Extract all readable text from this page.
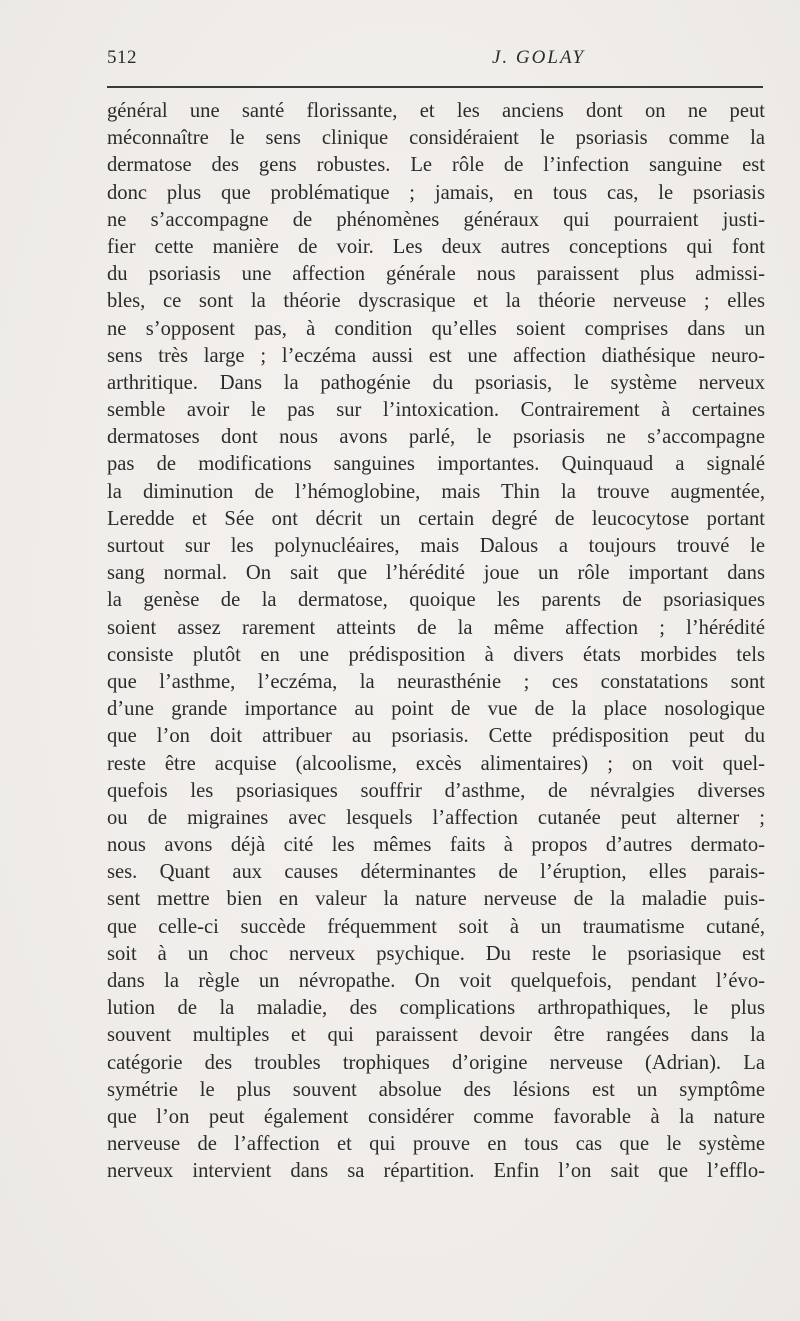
512	J. GOLAY
général une santé florissante, et les anciens dont on ne peut
méconnaître le sens clinique considéraient le psoriasis comme la
dermatose des gens robustes. Le rôle de l’infection sanguine est
donc plus que problématique ; jamais, en tous cas, le psoriasis
ne s’accompagne de phénomènes généraux qui pourraient justi-
fier cette manière de voir. Les deux autres conceptions qui font
du psoriasis une affection générale nous paraissent plus admissi-
bles, ce sont la théorie dyscrasique et la théorie nerveuse ; elles
ne s’opposent pas, à condition qu’elles soient comprises dans un
sens très large ; l’eczéma aussi est une affection diathésique neuro-
arthritique. Dans la pathogénie du psoriasis, le système nerveux
semble avoir le pas sur l’intoxication. Contrairement à certaines
dermatoses dont nous avons parlé, le psoriasis ne s’accompagne
pas de modifications sanguines importantes. Quinquaud a signalé
la diminution de l’hémoglobine, mais Thin la trouve augmentée,
Leredde et Sée ont décrit un certain degré de leucocytose portant
surtout sur les polynucléaires, mais Dalous a toujours trouvé le
sang normal. On sait que l’hérédité joue un rôle important dans
la genèse de la dermatose, quoique les parents de psoriasiques
soient assez rarement atteints de la même affection ; l’hérédité
consiste plutôt en une prédisposition à divers états morbides tels
que l’asthme, l’eczéma, la neurasthénie ; ces constatations sont
d’une grande importance au point de vue de la place nosologique
que l’on doit attribuer au psoriasis. Cette prédisposition peut du
reste être acquise (alcoolisme, excès alimentaires) ; on voit quel-
quefois les psoriasiques souffrir d’asthme, de névralgies diverses
ou de migraines avec lesquels l’affection cutanée peut alterner ;
nous avons déjà cité les mêmes faits à propos d’autres dermato-
ses. Quant aux causes déterminantes de l’éruption, elles parais-
sent mettre bien en valeur la nature nerveuse de la maladie puis-
que celle-ci succède fréquemment soit à un traumatisme cutané,
soit à un choc nerveux psychique. Du reste le psoriasique est
dans la règle un névropathe. On voit quelquefois, pendant l’évo-
lution de la maladie, des complications arthropathiques, le plus
souvent multiples et qui paraissent devoir être rangées dans la
catégorie des troubles trophiques d’origine nerveuse (Adrian). La
symétrie le plus souvent absolue des lésions est un symptôme
que l’on peut également considérer comme favorable à la nature
nerveuse de l’affection et qui prouve en tous cas que le système
nerveux intervient dans sa répartition. Enfin l’on sait que l’efflo-
